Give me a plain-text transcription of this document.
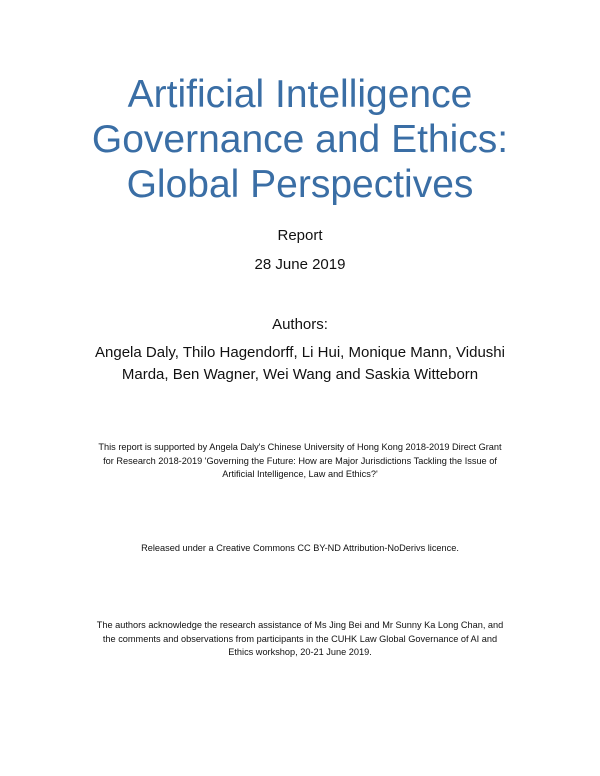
Artificial Intelligence
Governance and Ethics:
Global Perspectives
Report
28 June 2019
Authors:
Angela Daly, Thilo Hagendorff, Li Hui, Monique Mann, Vidushi
Marda, Ben Wagner, Wei Wang and Saskia Witteborn
This report is supported by Angela Daly's Chinese University of Hong Kong 2018-2019 Direct Grant
for Research 2018-2019 'Governing the Future: How are Major Jurisdictions Tackling the Issue of
Artificial Intelligence, Law and Ethics?'
Released under a Creative Commons CC BY-ND Attribution-NoDerivs licence.
The authors acknowledge the research assistance of Ms Jing Bei and Mr Sunny Ka Long Chan, and
the comments and observations from participants in the CUHK Law Global Governance of AI and
Ethics workshop, 20-21 June 2019.
